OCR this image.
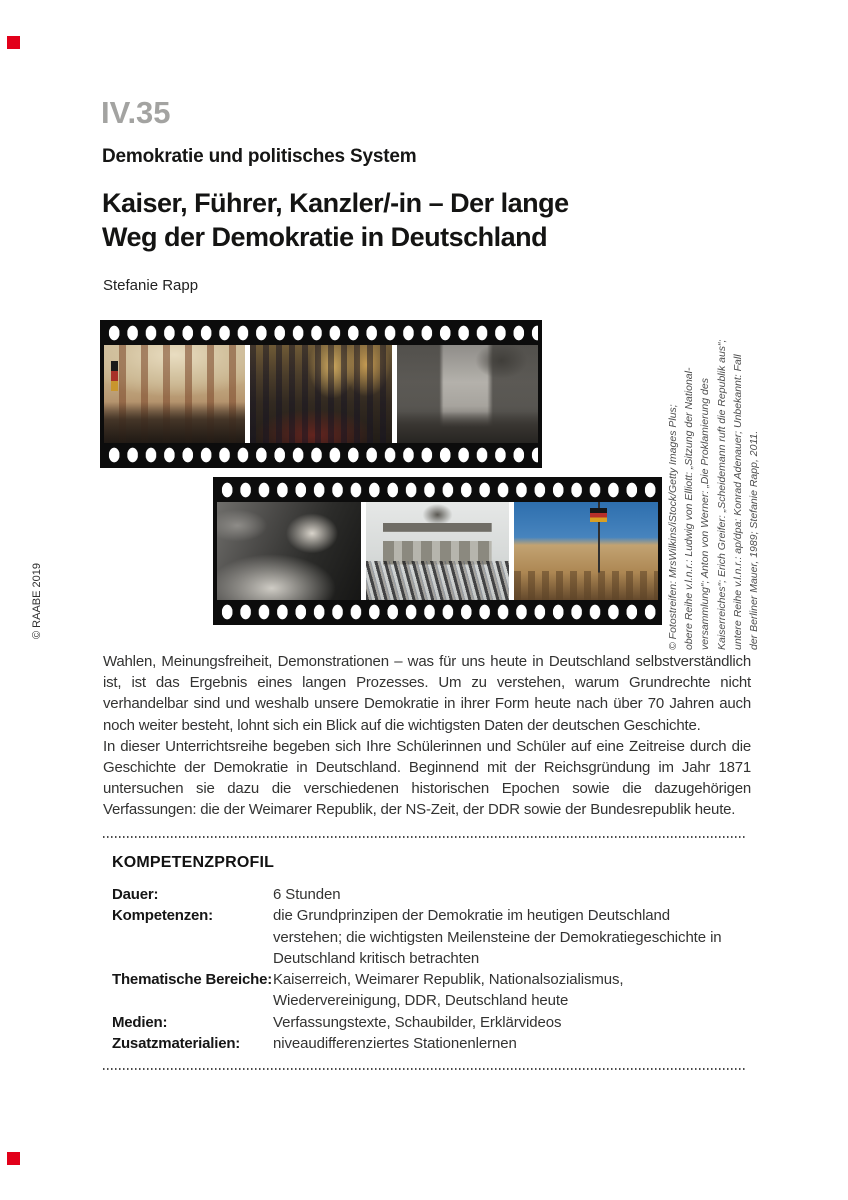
© RAABE 2019
IV.35
Demokratie und politisches System
Kaiser, Führer, Kanzler/-in – Der lange
Weg der Demokratie in Deutschland
Stefanie Rapp
© Fotostreifen: MrsWilkins/iStock/Getty Images Plus; obere Reihe v.l.n.r.: Ludwig von Elliott: „Sitzung der National- versammlung“; Anton von Werner: „Die Proklamierung des Kaiserreiches“; Erich Greifer: „Scheidemann ruft die Republik aus“; untere Reihe v.l.n.r.: ap/dpa: Konrad Adenauer; Unbekannt: Fall der Berliner Mauer, 1989; Stefanie Rapp, 2011.

Wahlen, Meinungsfreiheit, Demonstrationen – was für uns heute in Deutschland selbstverständlich ist, ist das Ergebnis eines langen Prozesses. Um zu verstehen, warum Grundrechte nicht verhandelbar sind und weshalb unsere Demokratie in ihrer Form heute nach über 70 Jahren auch noch weiter besteht, lohnt sich ein Blick auf die wichtigsten Daten der deutschen Geschichte.

In dieser Unterrichtsreihe begeben sich Ihre Schülerinnen und Schüler auf eine Zeitreise durch die Geschichte der Demokratie in Deutschland. Beginnend mit der Reichsgründung im Jahr 1871 untersuchen sie dazu die verschiedenen historischen Epochen sowie die dazugehörigen Verfassungen: die der Weimarer Republik, der NS-Zeit, der DDR sowie der Bundesrepublik heute.

KOMPETENZPROFIL
Dauer:	6 Stunden
Kompetenzen:	die Grundprinzipen der Demokratie im heutigen Deutschland verstehen; die wichtigsten Meilensteine der Demokratiegeschichte in Deutschland kritisch betrachten
Thematische Bereiche: Kaiserreich, Weimarer Republik, Nationalsozialismus, Wiedervereinigung, DDR, Deutschland heute
Medien:	Verfassungstexte, Schaubilder, Erklärvideos
Zusatzmaterialien:	niveaudifferenziertes Stationenlernen
